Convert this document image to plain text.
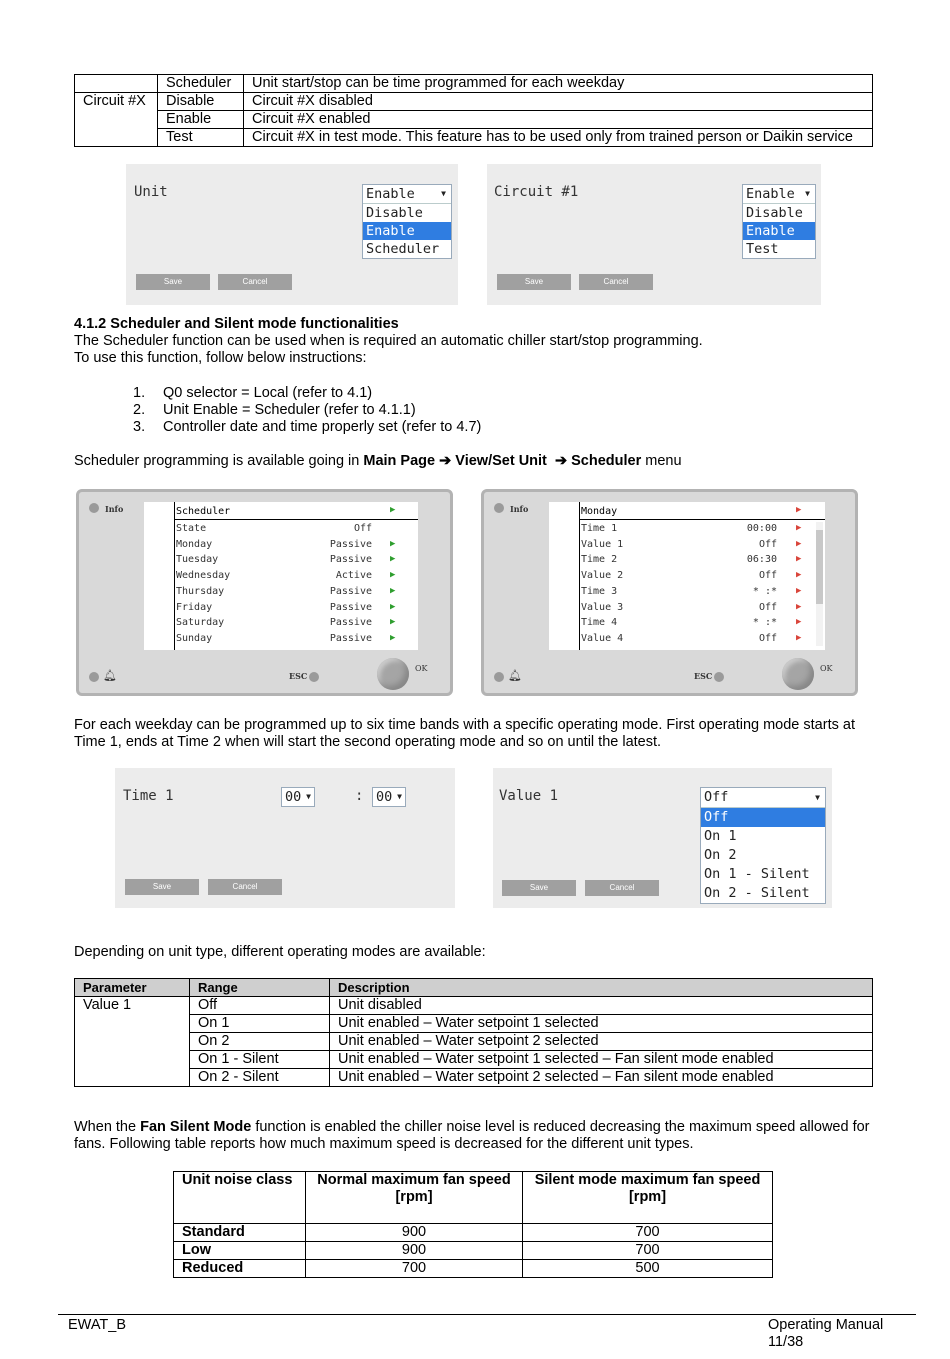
	Scheduler	Unit start/stop can be time programmed for each weekday
Circuit #X	Disable	Circuit #X disabled
	Enable	Circuit #X enabled
	Test	Circuit #X in test mode. This feature has to be used only from trained person or Daikin service
Unit	Enable	▼
Disable
Enable
Scheduler
Save	Cancel
Circuit #1	Enable ▼
Disable
Enable
Test
Save	Cancel
4.1.2 Scheduler and Silent mode functionalities
The Scheduler function can be used when is required an automatic chiller start/stop programming.
To use this function, follow below instructions:
1. Q0 selector = Local (refer to 4.1)
2. Unit Enable = Scheduler (refer to 4.1.1)
3. Controller date and time properly set (refer to 4.7)
Scheduler programming is available going in Main Page ➔ View/Set Unit ➔ Scheduler menu
Info	Scheduler	▶
State	Off
Monday	Passive ▶
Tuesday	Passive ▶
Wednesday	Active ▶
Thursday	Passive ▶
Friday	Passive ▶
Saturday	Passive ▶
Sunday	Passive ▶
🔔︎	ESC
OK
Info	Monday	▶
Time 1	00:00 ▶
Value 1	Off ▶
Time 2	06:30 ▶
Value 2	Off ▶
Time 3	* :* ▶
Value 3	Off ▶
Time 4	* :* ▶
Value 4	Off ▶
🔔︎	ESC
OK
For each weekday can be programmed up to six time bands with a specific operating mode. First operating mode starts at Time 1, ends at Time 2 when will start the second operating mode and so on until the latest.
Time 1	00 ▼	: 00 ▼
Save	Cancel
Value 1	Off	▼
Off
On 1
On 2
On 1 - Silent
On 2 - Silent
Save	Cancel
Depending on unit type, different operating modes are available:
Parameter	Range	Description
Value 1	Off	Unit disabled
	On 1	Unit enabled – Water setpoint 1 selected
	On 2	Unit enabled – Water setpoint 2 selected
	On 1 - Silent	Unit enabled – Water setpoint 1 selected – Fan silent mode enabled
	On 2 - Silent	Unit enabled – Water setpoint 2 selected – Fan silent mode enabled
When the Fan Silent Mode function is enabled the chiller noise level is reduced decreasing the maximum speed allowed for fans. Following table reports how much maximum speed is decreased for the different unit types.
Unit noise class	Normal maximum fan speed [rpm]	Silent mode maximum fan speed [rpm]
Standard	900	700
Low	900	700
Reduced	700	500
EWAT_B	Operating Manual
11/38
